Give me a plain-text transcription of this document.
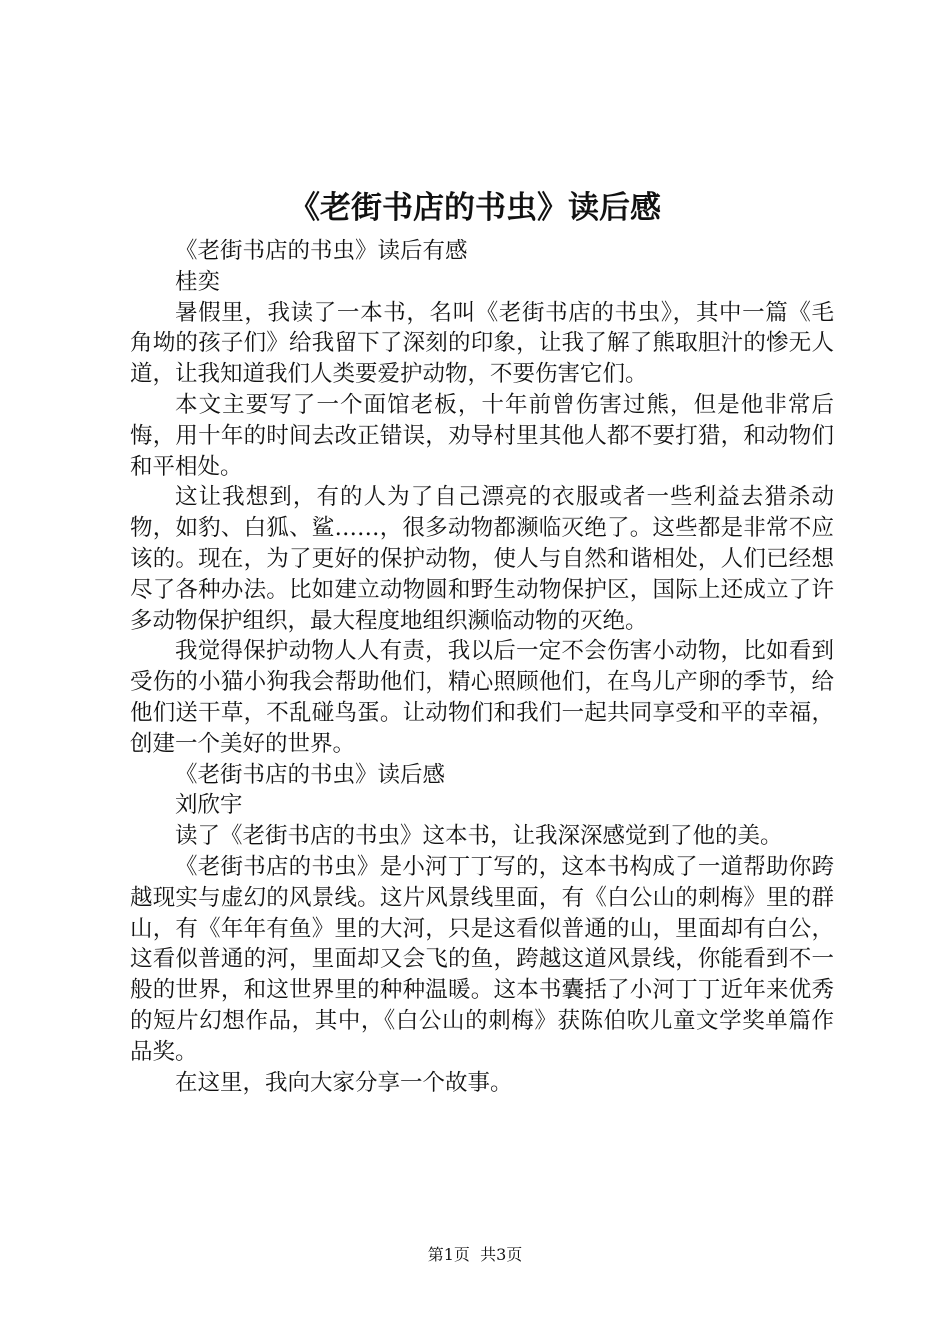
《老街书店的书虫》读后感

《老街书店的书虫》读后有感

桂奕

暑假里，我读了一本书，名叫《老街书店的书虫》，其中一篇《毛角坳的孩子们》给我留下了深刻的印象，让我了解了熊取胆汁的惨无人道，让我知道我们人类要爱护动物，不要伤害它们。

本文主要写了一个面馆老板，十年前曾伤害过熊，但是他非常后悔，用十年的时间去改正错误，劝导村里其他人都不要打猎，和动物们和平相处。

这让我想到，有的人为了自己漂亮的衣服或者一些利益去猎杀动物，如豹、白狐、鲨……，很多动物都濒临灭绝了。这些都是非常不应该的。现在，为了更好的保护动物，使人与自然和谐相处，人们已经想尽了各种办法。比如建立动物圆和野生动物保护区，国际上还成立了许多动物保护组织，最大程度地组织濒临动物的灭绝。

我觉得保护动物人人有责，我以后一定不会伤害小动物，比如看到受伤的小猫小狗我会帮助他们，精心照顾他们，在鸟儿产卵的季节，给他们送干草，不乱碰鸟蛋。让动物们和我们一起共同享受和平的幸福，创建一个美好的世界。

《老街书店的书虫》读后感

刘欣宇

读了《老街书店的书虫》这本书，让我深深感觉到了他的美。

《老街书店的书虫》是小河丁丁写的，这本书构成了一道帮助你跨越现实与虚幻的风景线。这片风景线里面，有《白公山的刺梅》里的群山，有《年年有鱼》里的大河，只是这看似普通的山，里面却有白公，这看似普通的河，里面却又会飞的鱼，跨越这道风景线，你能看到不一般的世界，和这世界里的种种温暖。这本书囊括了小河丁丁近年来优秀的短片幻想作品，其中，《白公山的刺梅》获陈伯吹儿童文学奖单篇作品奖。

在这里，我向大家分享一个故事。

第1页  共3页
